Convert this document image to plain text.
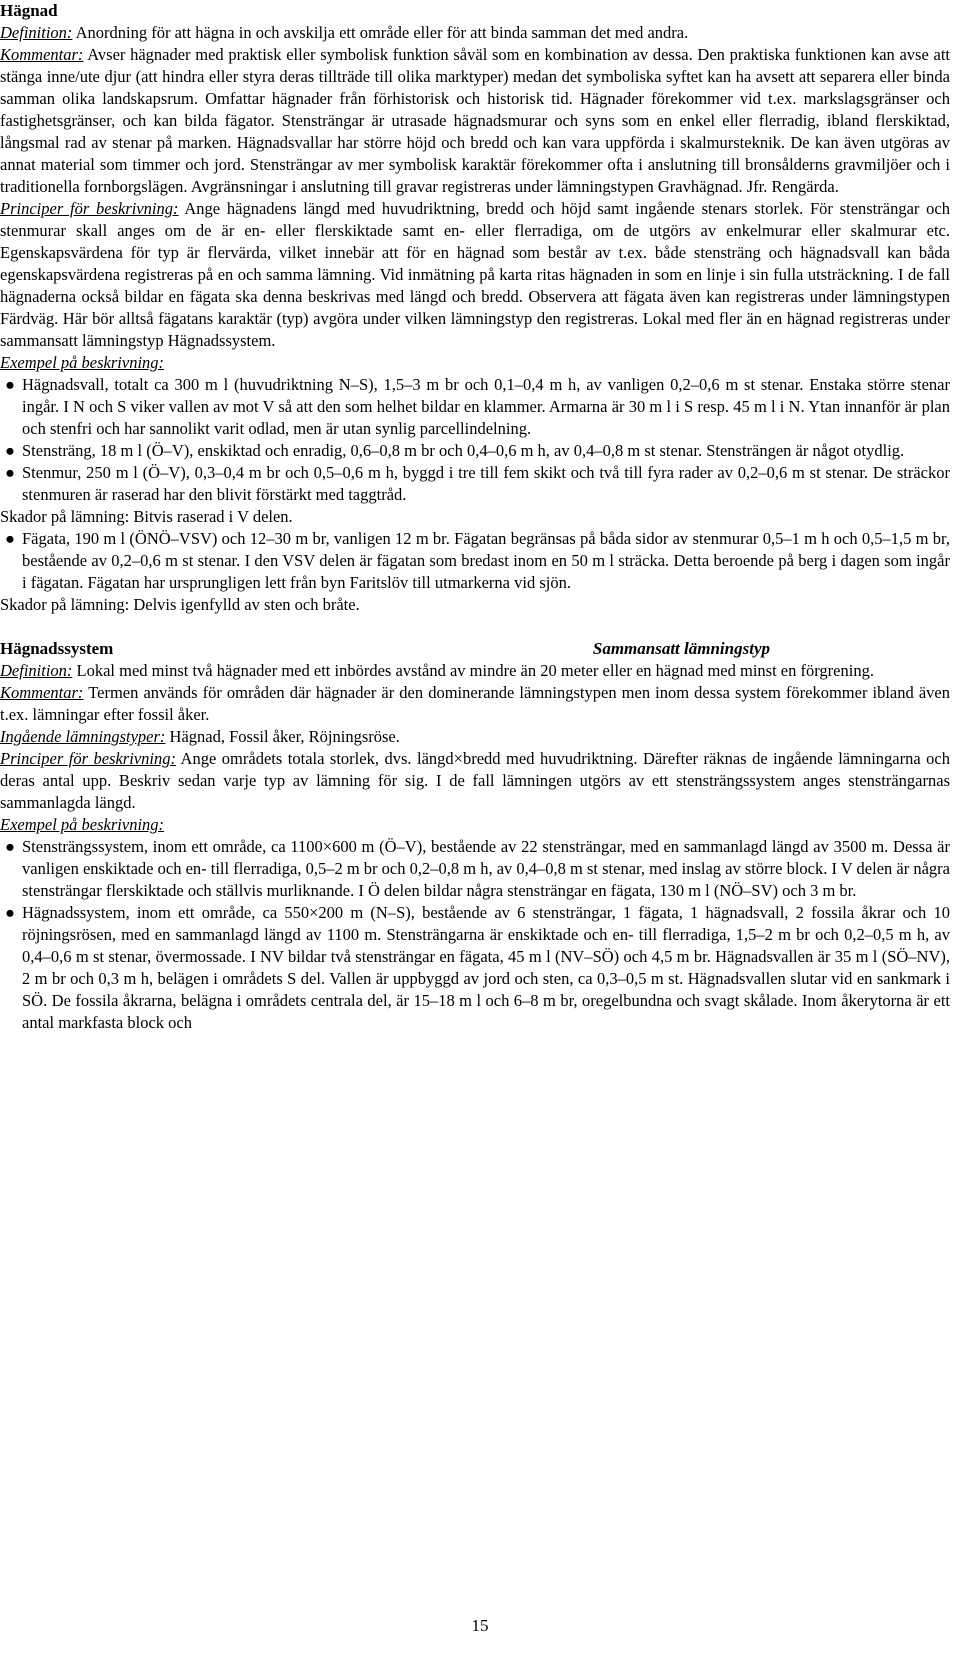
Hägnad

Definition: Anordning för att hägna in och avskilja ett område eller för att binda samman det med andra.

Kommentar: Avser hägnader med praktisk eller symbolisk funktion såväl som en kombination av dessa. Den praktiska funktionen kan avse att stänga inne/ute djur (att hindra eller styra deras tillträde till olika marktyper) medan det symboliska syftet kan ha avsett att separera eller binda samman olika landskapsrum. Omfattar hägnader från förhistorisk och historisk tid. Hägnader förekommer vid t.ex. markslagsgränser och fastighetsgränser, och kan bilda fägator. Stensträngar är utrasade hägnadsmurar och syns som en enkel eller flerradig, ibland flerskiktad, långsmal rad av stenar på marken. Hägnadsvallar har större höjd och bredd och kan vara uppförda i skalmursteknik. De kan även utgöras av annat material som timmer och jord. Stensträngar av mer symbolisk karaktär förekommer ofta i anslutning till bronsålderns gravmiljöer och i traditionella fornborgslägen. Avgränsningar i anslutning till gravar registreras under lämningstypen Gravhägnad. Jfr. Rengärda.

Principer för beskrivning: Ange hägnadens längd med huvudriktning, bredd och höjd samt ingående stenars storlek. För stensträngar och stenmurar skall anges om de är en- eller flerskiktade samt en- eller flerradiga, om de utgörs av enkelmurar eller skalmurar etc. Egenskapsvärdena för typ är flervärda, vilket innebär att för en hägnad som består av t.ex. både stensträng och hägnadsvall kan båda egenskapsvärdena registreras på en och samma lämning. Vid inmätning på karta ritas hägnaden in som en linje i sin fulla utsträckning. I de fall hägnaderna också bildar en fägata ska denna beskrivas med längd och bredd. Observera att fägata även kan registreras under lämningstypen Färdväg. Här bör alltså fägatans karaktär (typ) avgöra under vilken lämningstyp den registreras. Lokal med fler än en hägnad registreras under sammansatt lämningstyp Hägnadssystem.

Exempel på beskrivning:

● Hägnadsvall, totalt ca 300 m l (huvudriktning N–S), 1,5–3 m br och 0,1–0,4 m h, av vanligen 0,2–0,6 m st stenar. Enstaka större stenar ingår. I N och S viker vallen av mot V så att den som helhet bildar en klammer. Armarna är 30 m l i S resp. 45 m l i N. Ytan innanför är plan och stenfri och har sannolikt varit odlad, men är utan synlig parcellindelning.

● Stensträng, 18 m l (Ö–V), enskiktad och enradig, 0,6–0,8 m br och 0,4–0,6 m h, av 0,4–0,8 m st stenar. Stensträngen är något otydlig.

● Stenmur, 250 m l (Ö–V), 0,3–0,4 m br och 0,5–0,6 m h, byggd i tre till fem skikt och två till fyra rader av 0,2–0,6 m st stenar. De sträckor stenmuren är raserad har den blivit förstärkt med taggtråd.

Skador på lämning: Bitvis raserad i V delen.

● Fägata, 190 m l (ÖNÖ–VSV) och 12–30 m br, vanligen 12 m br. Fägatan begränsas på båda sidor av stenmurar 0,5–1 m h och 0,5–1,5 m br, bestående av 0,2–0,6 m st stenar. I den VSV delen är fägatan som bredast inom en 50 m l sträcka. Detta beroende på berg i dagen som ingår i fägatan. Fägatan har ursprungligen lett från byn Faritslöv till utmarkerna vid sjön.

Skador på lämning: Delvis igenfylld av sten och bråte.

Hägnadssystem	Sammansatt lämningstyp

Definition: Lokal med minst två hägnader med ett inbördes avstånd av mindre än 20 meter eller en hägnad med minst en förgrening.

Kommentar: Termen används för områden där hägnader är den dominerande lämningstypen men inom dessa system förekommer ibland även t.ex. lämningar efter fossil åker.

Ingående lämningstyper: Hägnad, Fossil åker, Röjningsröse.

Principer för beskrivning: Ange områdets totala storlek, dvs. längd×bredd med huvudriktning. Därefter räknas de ingående lämningarna och deras antal upp. Beskriv sedan varje typ av lämning för sig. I de fall lämningen utgörs av ett stensträngssystem anges stensträngarnas sammanlagda längd.

Exempel på beskrivning:

● Stensträngssystem, inom ett område, ca 1100×600 m (Ö–V), bestående av 22 stensträngar, med en sammanlagd längd av 3500 m. Dessa är vanligen enskiktade och en- till flerradiga, 0,5–2 m br och 0,2–0,8 m h, av 0,4–0,8 m st stenar, med inslag av större block. I V delen är några stensträngar flerskiktade och ställvis murliknande. I Ö delen bildar några stensträngar en fägata, 130 m l (NÖ–SV) och 3 m br.

● Hägnadssystem, inom ett område, ca 550×200 m (N–S), bestående av 6 stensträngar, 1 fägata, 1 hägnadsvall, 2 fossila åkrar och 10 röjningsrösen, med en sammanlagd längd av 1100 m. Stensträngarna är enskiktade och en- till flerradiga, 1,5–2 m br och 0,2–0,5 m h, av 0,4–0,6 m st stenar, övermossade. I NV bildar två stensträngar en fägata, 45 m l (NV–SÖ) och 4,5 m br. Hägnadsvallen är 35 m l (SÖ–NV), 2 m br och 0,3 m h, belägen i områdets S del. Vallen är uppbyggd av jord och sten, ca 0,3–0,5 m st. Hägnadsvallen slutar vid en sankmark i SÖ. De fossila åkrarna, belägna i områdets centrala del, är 15–18 m l och 6–8 m br, oregelbundna och svagt skålade. Inom åkerytorna är ett antal markfasta block och

15
